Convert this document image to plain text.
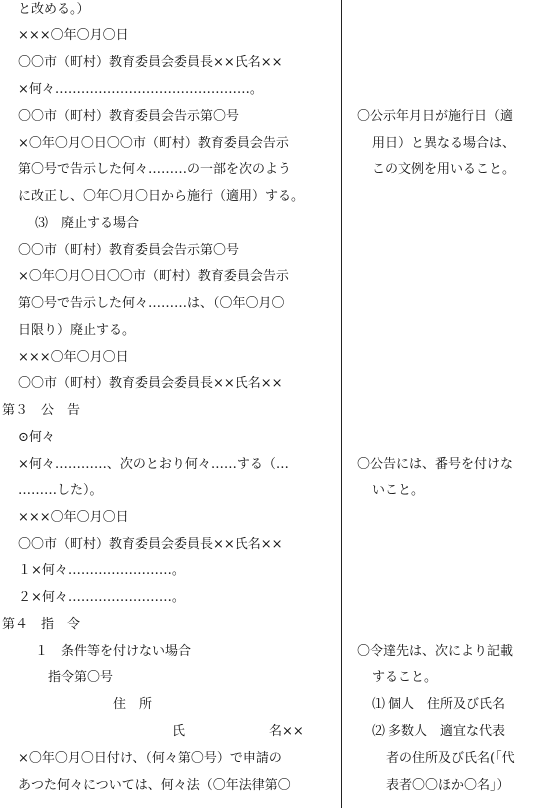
と改める。）
×××〇年〇月〇日
〇〇市（町村）教育委員会委員長××氏名××
×何々………………………………………。
〇〇市（町村）教育委員会告示第〇号
×〇年〇月〇日〇〇市（町村）教育委員会告示
第〇号で告示した何々………の一部を次のよう
に改正し、〇年〇月〇日から施行（適用）する。
⑶　廃止する場合
〇〇市（町村）教育委員会告示第〇号
×〇年〇月〇日〇〇市（町村）教育委員会告示
第〇号で告示した何々………は、（〇年〇月〇
日限り）廃止する。
×××〇年〇月〇日
〇〇市（町村）教育委員会委員長××氏名××
第３　公　告
⊙何々
×何々…………、次のとおり何々……する（…
………した）。
×××〇年〇月〇日
〇〇市（町村）教育委員会委員長××氏名××
１×何々……………………。
２×何々……………………。
第４　指　令
１　条件等を付けない場合
指令第〇号
住　所
氏	名××
×〇年〇月〇日付け、（何々第〇号）で申請の
あつた何々については、何々法（〇年法律第〇
〇公示年月日が施行日（適
用日）と異なる場合は、
この文例を用いること。
〇公告には、番号を付けな
いこと。
〇令達先は、次により記載
すること。
⑴ 個人　住所及び氏名
⑵ 多数人　適宜な代表
者の住所及び氏名(「代
表者〇〇ほか〇名」）
